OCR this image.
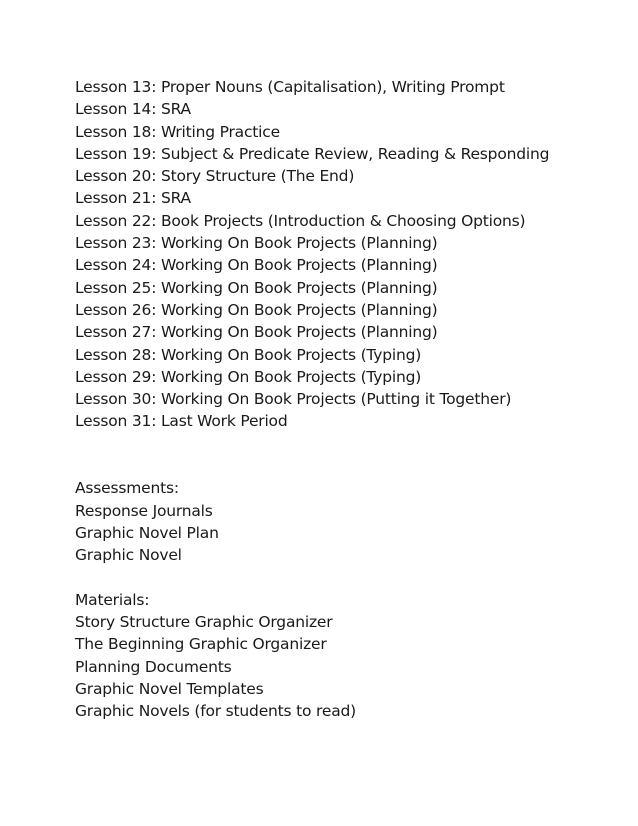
Lesson 13: Proper Nouns (Capitalisation), Writing Prompt
Lesson 14: SRA
Lesson 18: Writing Practice
Lesson 19: Subject & Predicate Review, Reading & Responding
Lesson 20: Story Structure (The End)
Lesson 21: SRA
Lesson 22: Book Projects (Introduction & Choosing Options)
Lesson 23: Working On Book Projects (Planning)
Lesson 24: Working On Book Projects (Planning)
Lesson 25: Working On Book Projects (Planning)
Lesson 26: Working On Book Projects (Planning)
Lesson 27: Working On Book Projects (Planning)
Lesson 28: Working On Book Projects (Typing)
Lesson 29: Working On Book Projects (Typing)
Lesson 30: Working On Book Projects (Putting it Together)
Lesson 31: Last Work Period
Assessments:
Response Journals
Graphic Novel Plan
Graphic Novel
Materials:
Story Structure Graphic Organizer
The Beginning Graphic Organizer
Planning Documents
Graphic Novel Templates
Graphic Novels (for students to read)
